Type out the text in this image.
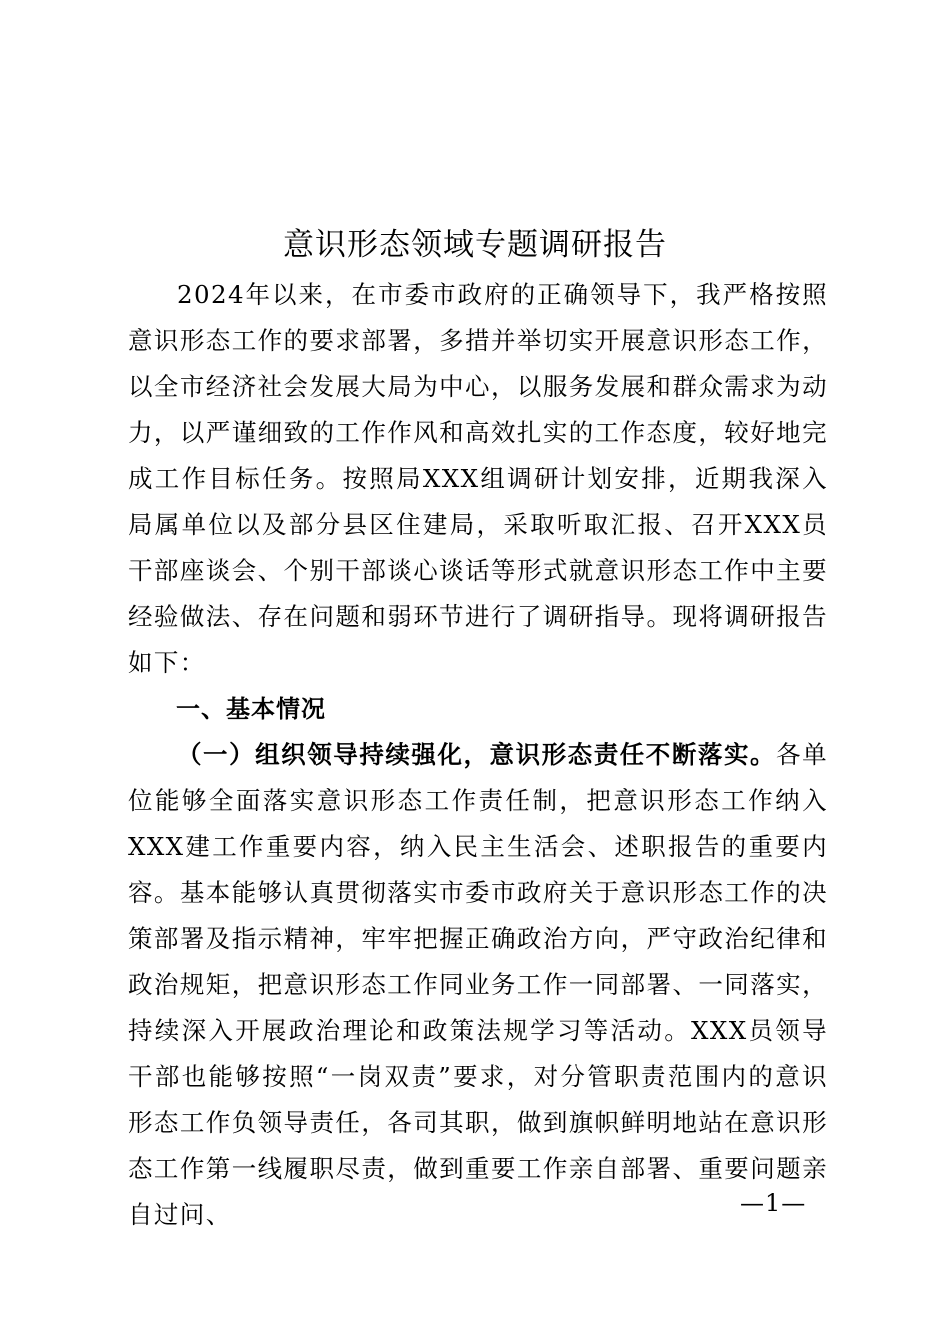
意识形态领域专题调研报告

2024年以来，在市委市政府的正确领导下，我严格按照意识形态工作的要求部署，多措并举切实开展意识形态工作，以全市经济社会发展大局为中心，以服务发展和群众需求为动力，以严谨细致的工作作风和高效扎实的工作态度，较好地完成工作目标任务。按照局XXX组调研计划安排，近期我深入局属单位以及部分县区住建局，采取听取汇报、召开XXX员干部座谈会、个别干部谈心谈话等形式就意识形态工作中主要经验做法、存在问题和弱环节进行了调研指导。现将调研报告如下：

一、基本情况

（一）组织领导持续强化，意识形态责任不断落实。各单位能够全面落实意识形态工作责任制，把意识形态工作纳入XXX建工作重要内容，纳入民主生活会、述职报告的重要内容。基本能够认真贯彻落实市委市政府关于意识形态工作的决策部署及指示精神，牢牢把握正确政治方向，严守政治纪律和政治规矩，把意识形态工作同业务工作一同部署、一同落实，持续深入开展政治理论和政策法规学习等活动。XXX员领导干部也能够按照“一岗双责”要求，对分管职责范围内的意识形态工作负领导责任，各司其职，做到旗帜鲜明地站在意识形态工作第一线履职尽责，做到重要工作亲自部署、重要问题亲自过问、	—1—
